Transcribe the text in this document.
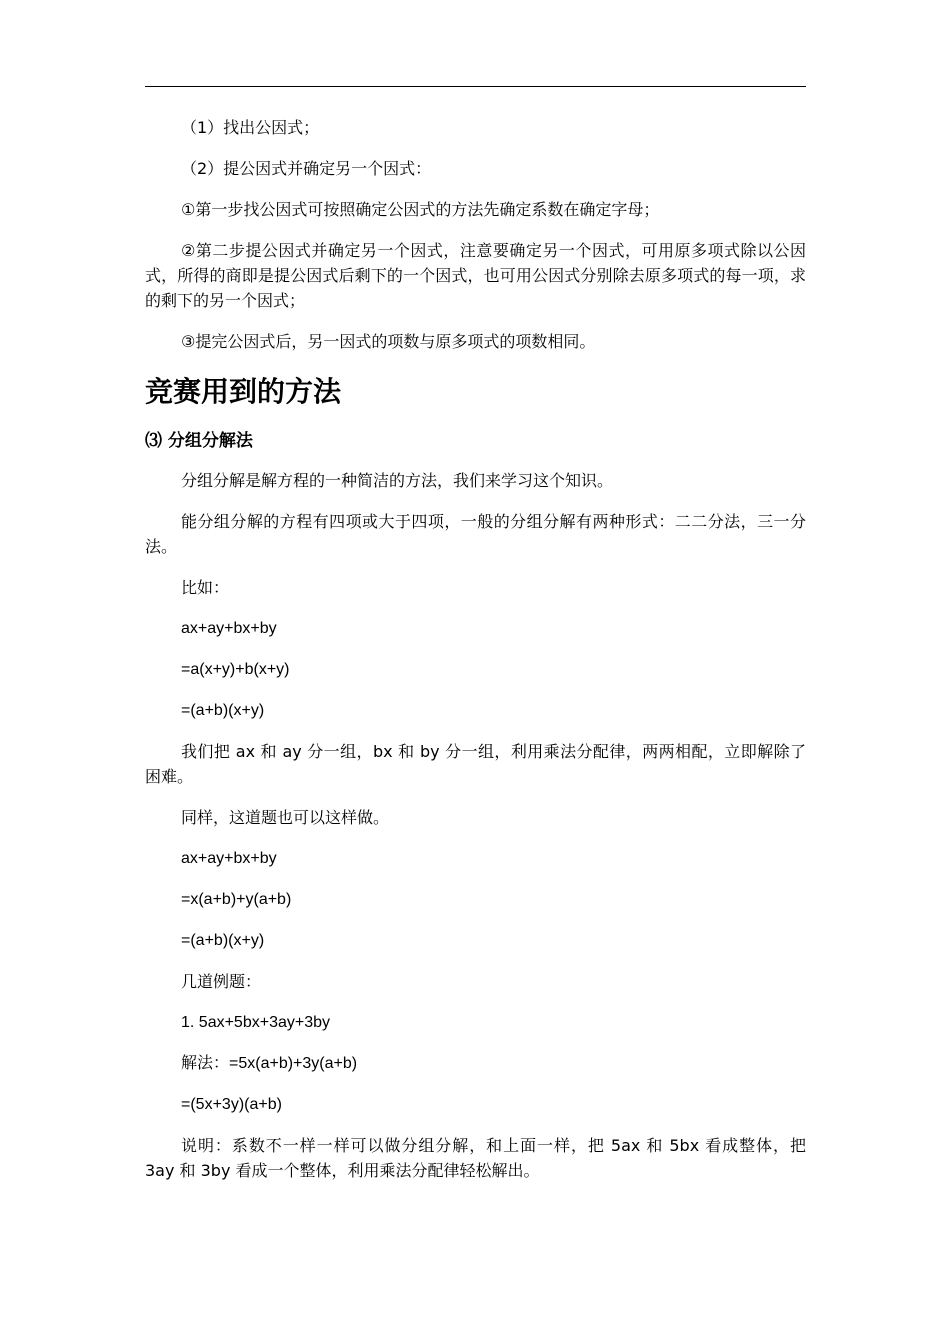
（1）找出公因式；

（2）提公因式并确定另一个因式：

①第一步找公因式可按照确定公因式的方法先确定系数在确定字母；

②第二步提公因式并确定另一个因式，注意要确定另一个因式，可用原多项式除以公因式，所得的商即是提公因式后剩下的一个因式，也可用公因式分别除去原多项式的每一项，求的剩下的另一个因式；

③提完公因式后，另一因式的项数与原多项式的项数相同。

竞赛用到的方法
⑶ 分组分解法

分组分解是解方程的一种简洁的方法，我们来学习这个知识。

能分组分解的方程有四项或大于四项，一般的分组分解有两种形式：二二分法，三一分法。

比如：

ax+ay+bx+by

=a(x+y)+b(x+y)

=(a+b)(x+y)

我们把 ax 和 ay 分一组，bx 和 by 分一组，利用乘法分配律，两两相配，立即解除了困难。

同样，这道题也可以这样做。

ax+ay+bx+by

=x(a+b)+y(a+b)

=(a+b)(x+y)

几道例题：

1. 5ax+5bx+3ay+3by

解法：=5x(a+b)+3y(a+b)

=(5x+3y)(a+b)

说明：系数不一样一样可以做分组分解，和上面一样，把 5ax 和 5bx 看成整体，把 3ay 和 3by 看成一个整体，利用乘法分配律轻松解出。
